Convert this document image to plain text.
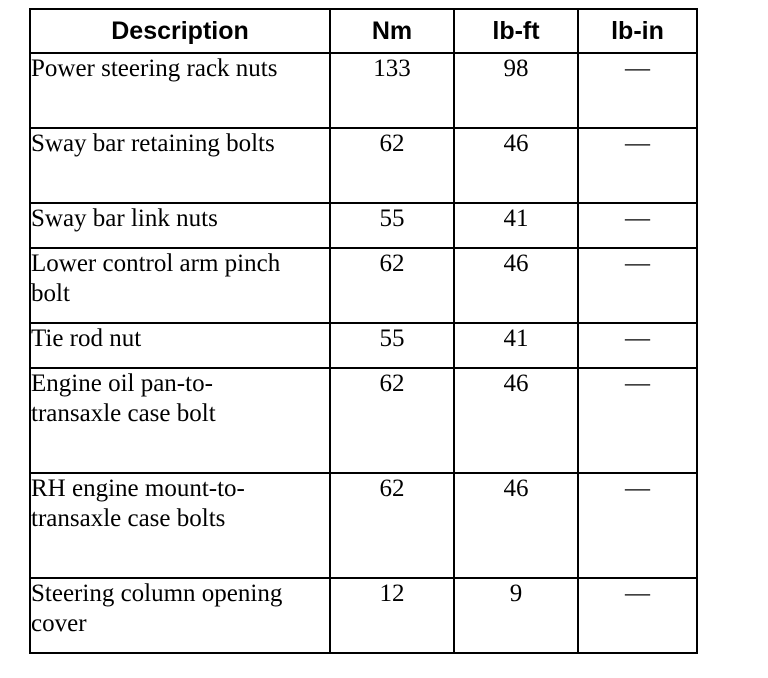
Description	Nm	lb-ft	lb-in
Power steering rack nuts	133	98	—
Sway bar retaining bolts	62	46	—
Sway bar link nuts	55	41	—
Lower control arm pinch bolt	62	46	—
Tie rod nut	55	41	—
Engine oil pan-to-transaxle case bolt	62	46	—
RH engine mount-to-transaxle case bolts	62	46	—
Steering column opening cover	12	9	—
